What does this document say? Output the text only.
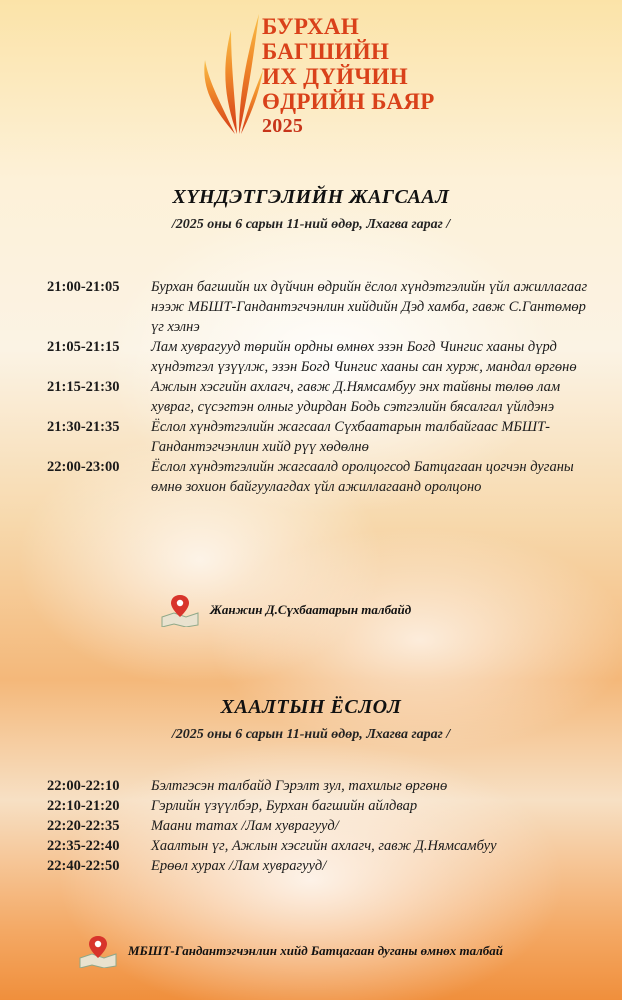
БУРХАН
БАГШИЙН
ИХ ДҮЙЧИН
ӨДРИЙН БАЯР
2025
ХҮНДЭТГЭЛИЙН ЖАГСААЛ
/2025 оны 6 сарын 11-ний өдөр, Лхагва гараг /
21:00-21:05	Бурхан багшийн их дүйчин өдрийн ёслол хүндэтгэлийн үйл ажиллагааг нээж МБШТ-Гандантэгчэнлин хийдийн Дэд хамба, гавж С.Гантөмөр үг хэлнэ
21:05-21:15	Лам хуврагууд төрийн ордны өмнөх эзэн Богд Чингис хааны дүрд хүндэтгэл үзүүлж, эзэн Богд Чингис хааны сан хурж, мандал өргөнө
21:15-21:30	Ажлын хэсгийн ахлагч, гавж Д.Нямсамбуу энх тайвны төлөө лам хувраг, сүсэгтэн олныг удирдан Бодь сэтгэлийн бясалгал үйлдэнэ
21:30-21:35	Ёслол хүндэтгэлийн жагсаал Сүхбаатарын талбайгаас МБШТ- Гандантэгчэнлин хийд рүү хөдөлнө
22:00-23:00	Ёслол хүндэтгэлийн жагсаалд оролцогсод Батцагаан цогчэн дуганы өмнө зохион байгуулагдах үйл ажиллагаанд оролцоно
Жанжин Д.Сүхбаатарын талбайд
ХААЛТЫН ЁСЛОЛ
/2025 оны 6 сарын 11-ний өдөр, Лхагва гараг /
22:00-22:10	Бэлтгэсэн талбайд Гэрэлт зул, тахилыг өргөнө
22:10-21:20	Гэрлийн үзүүлбэр, Бурхан багшийн айлдвар
22:20-22:35	Маани татах /Лам хуврагууд/
22:35-22:40	Хаалтын үг, Ажлын хэсгийн ахлагч, гавж Д.Нямсамбуу
22:40-22:50	Ерөөл хурах /Лам хуврагууд/
МБШТ-Гандантэгчэнлин хийд Батцагаан дуганы өмнөх талбай
